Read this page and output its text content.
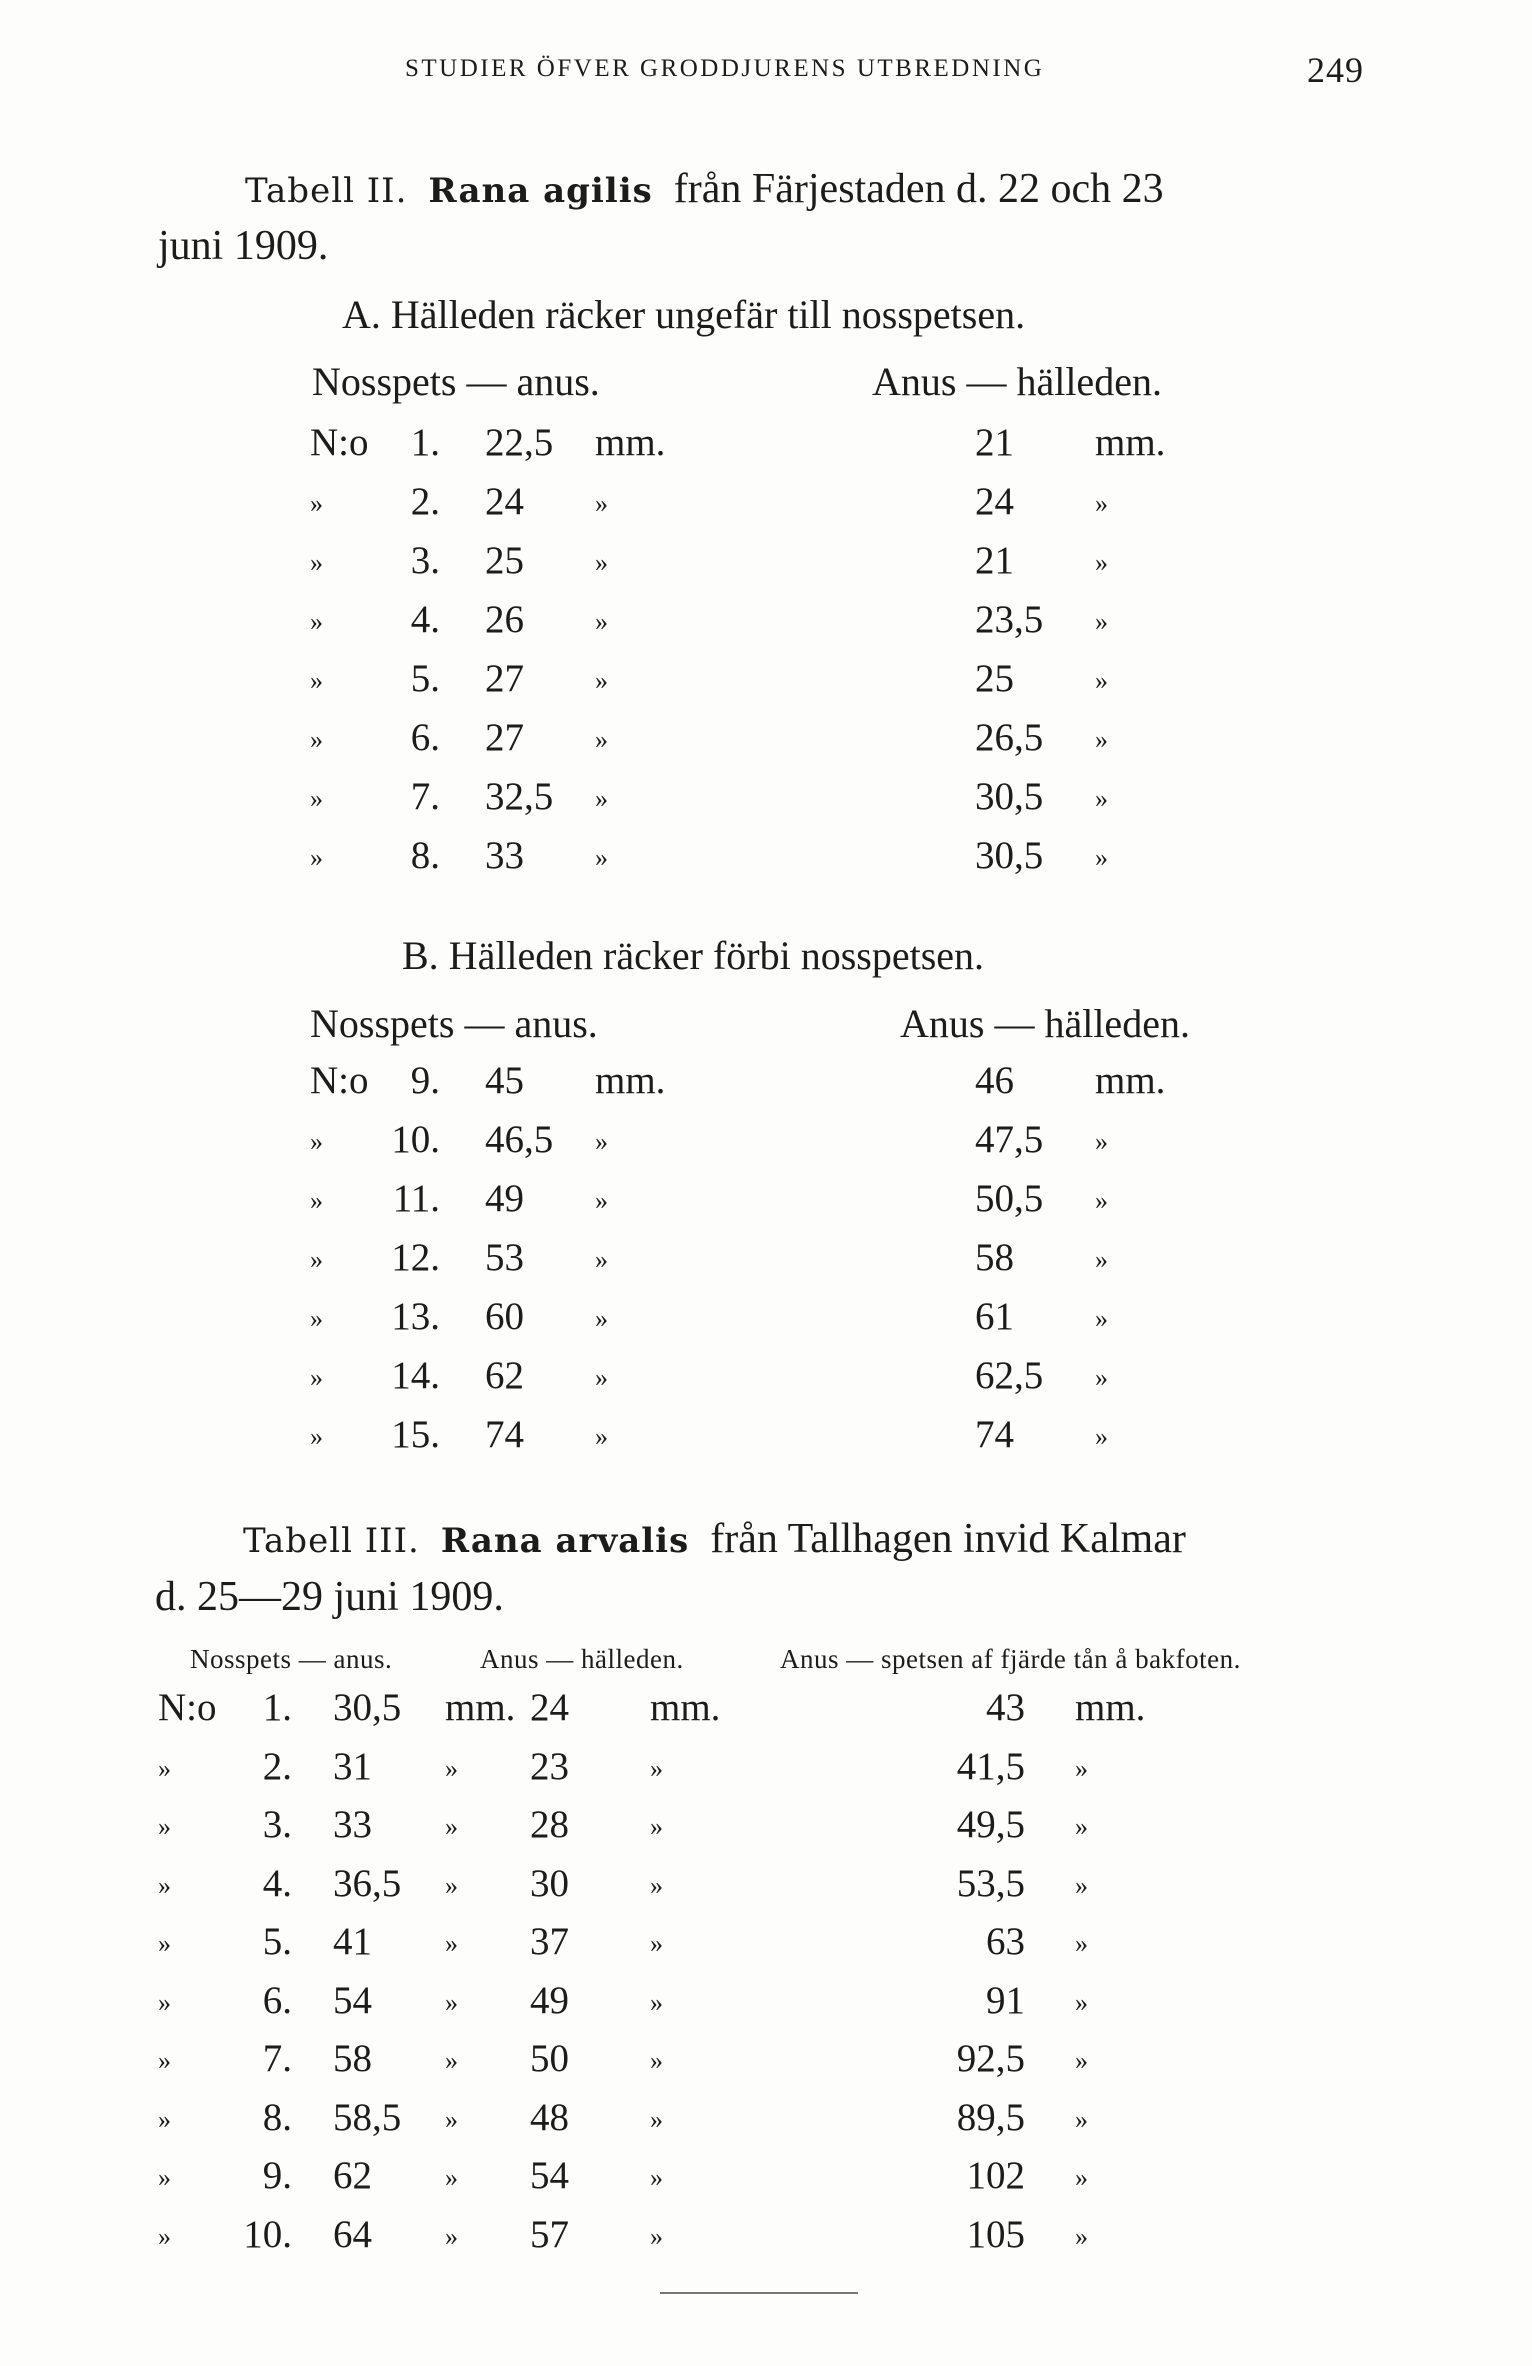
STUDIER ÖFVER GRODDJURENS UTBREDNING	249
Tabell II. Rana agilis från Färjestaden d. 22 och 23
juni 1909.
A. Hälleden räcker ungefär till nosspetsen.
Nosspets — anus.	Anus — hälleden.
N:o	1. 22,5 mm.	21 mm.
»	2. 24	»	24	»
»	3. 25	»	21	»
»	4. 26	»	23,5 »
»	5. 27	»	25	»
»	6. 27	»	26,5 »
»	7. 32,5 »	30,5 »
»	8. 33	»	30,5 »
B. Hälleden räcker förbi nosspetsen.
Nosspets — anus.	Anus — hälleden.
N:o	9. 45 mm.	46 mm.
»	10. 46,5 »	47,5 »
»	11. 49	»	50,5 »
»	12. 53	»	58	»
»	13. 60	»	61	»
»	14. 62	»	62,5 »
»	15. 74	»	74	»
Tabell III. Rana arvalis från Tallhagen invid Kalmar
d. 25—29 juni 1909.
Nosspets — anus.	Anus — hälleden.	Anus — spetsen af fjärde tån å bakfoten.
N:o	1. 30,5 mm. 24 mm.	43 mm.
»	2. 31	» 23	»	41,5 »
»	3. 33	» 28	»	49,5 »
»	4. 36,5 » 30	»	53,5 »
»	5. 41	» 37	»	63 »
»	6. 54	» 49	»	91 »
»	7. 58	» 50	»	92,5 »
»	8. 58,5 » 48	»	89,5 »
»	9. 62	» 54	»	102 »
»	10. 64	» 57	»	105 »
